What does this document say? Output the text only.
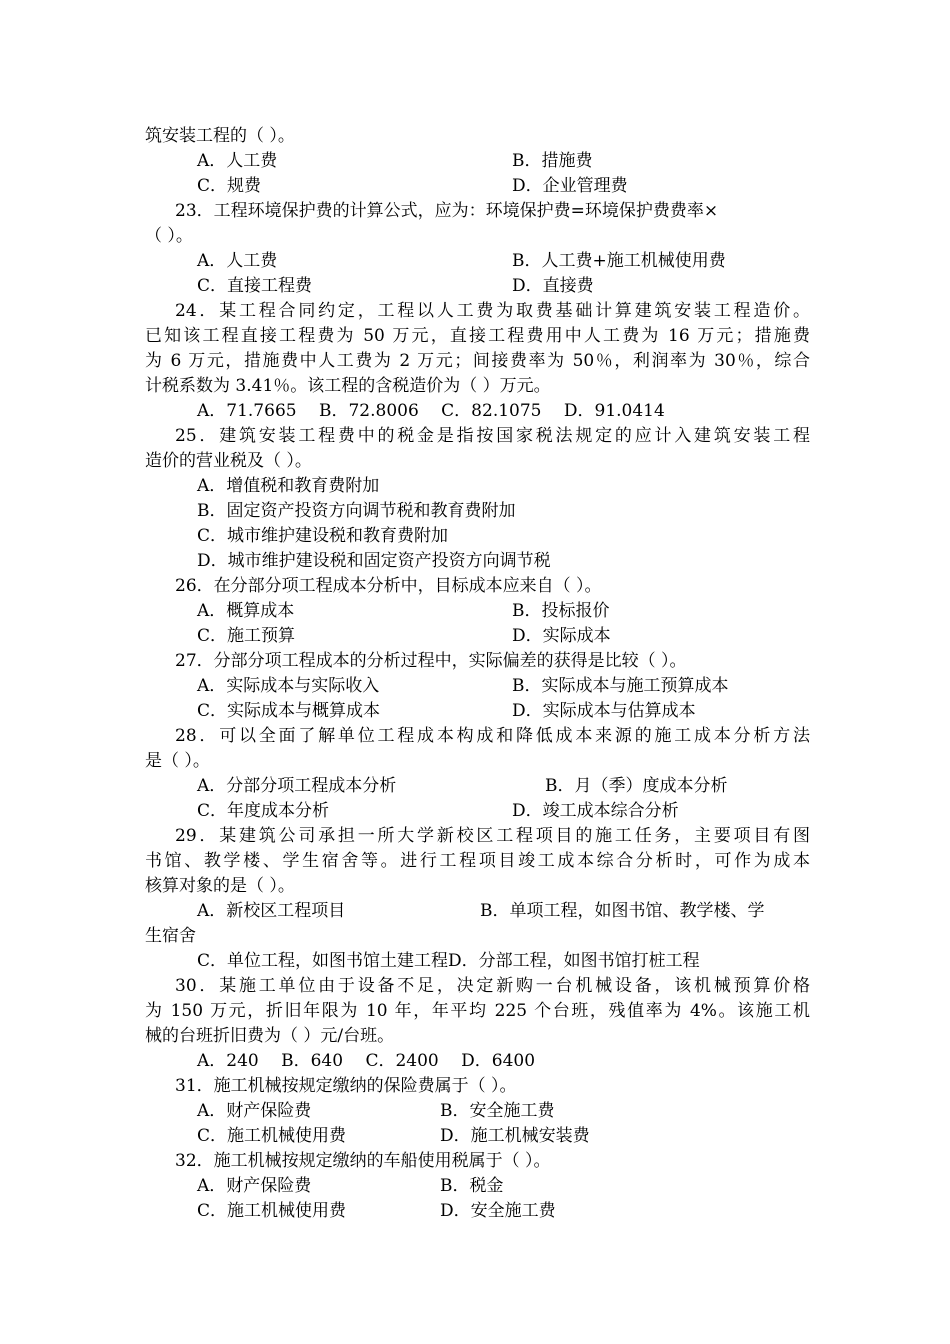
筑安装工程的（ ）。
A．人工费	B．措施费
C．规费	D．企业管理费
23．工程环境保护费的计算公式，应为：环境保护费=环境保护费费率×
（ ）。
A．人工费	B．人工费+施工机械使用费
C．直接工程费	D．直接费
24．某工程合同约定，工程以人工费为取费基础计算建筑安装工程造价。
已知该工程直接工程费为 50 万元，直接工程费用中人工费为 16 万元；措施费
为 6 万元，措施费中人工费为 2 万元；间接费率为 50％，利润率为 30％，综合
计税系数为 3.41％。该工程的含税造价为（ ）万元。
A．71.7665　 B．72.8006　 C．82.1075　 D．91.0414
25．建筑安装工程费中的税金是指按国家税法规定的应计入建筑安装工程
造价的营业税及（ ）。
A．增值税和教育费附加
B．固定资产投资方向调节税和教育费附加
C．城市维护建设税和教育费附加
D．城市维护建设税和固定资产投资方向调节税
26．在分部分项工程成本分析中，目标成本应来自（ ）。
A．概算成本	B．投标报价
C．施工预算	D．实际成本
27．分部分项工程成本的分析过程中，实际偏差的获得是比较（ ）。
A．实际成本与实际收入	B．实际成本与施工预算成本
C．实际成本与概算成本	D．实际成本与估算成本
28．可以全面了解单位工程成本构成和降低成本来源的施工成本分析方法
是（ ）。
A．分部分项工程成本分析	B．月（季）度成本分析
C．年度成本分析	D．竣工成本综合分析
29．某建筑公司承担一所大学新校区工程项目的施工任务，主要项目有图
书馆、教学楼、学生宿舍等。进行工程项目竣工成本综合分析时，可作为成本
核算对象的是（ ）。
A．新校区工程项目	B．单项工程，如图书馆、教学楼、学
生宿舍
C．单位工程，如图书馆土建工程D．分部工程，如图书馆打桩工程
30．某施工单位由于设备不足，决定新购一台机械设备，该机械预算价格
为 150 万元，折旧年限为 10 年，年平均 225 个台班，残值率为 4%。该施工机
械的台班折旧费为（ ）元/台班。
A．240　 B．640　 C．2400　 D．6400
31．施工机械按规定缴纳的保险费属于（ ）。
A．财产保险费	B．安全施工费
C．施工机械使用费	D．施工机械安装费
32．施工机械按规定缴纳的车船使用税属于（ ）。
A．财产保险费	B．税金
C．施工机械使用费	D．安全施工费
